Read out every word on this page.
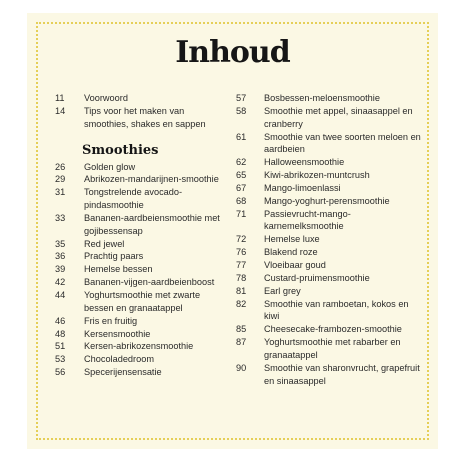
Inhoud
11	Voorwoord
14	Tips voor het maken van smoothies, shakes en sappen
Smoothies
26	Golden glow
29	Abrikozen-mandarijnen-smoothie
31	Tongstrelende avocado-pindasmoothie
33	Bananen-aardbeiensmoothie met gojibessensap
35	Red jewel
36	Prachtig paars
39	Hemelse bessen
42	Bananen-vijgen-aardbeienboost
44	Yoghurtsmoothie met zwarte bessen en granaatappel
46	Fris en fruitig
48	Kersensmoothie
51	Kersen-abrikozensmoothie
53	Chocoladedroom
56	Specerijensensatie
57	Bosbessen-meloensmoothie
58	Smoothie met appel, sinaasappel en cranberry
61	Smoothie van twee soorten meloen en aardbeien
62	Halloweensmoothie
65	Kiwi-abrikozen-muntcrush
67	Mango-limoenlassi
68	Mango-yoghurt-perensmoothie
71	Passievrucht-mango-karnemelksmoothie
72	Hemelse luxe
76	Blakend roze
77	Vloeibaar goud
78	Custard-pruimensmoothie
81	Earl grey
82	Smoothie van ramboetan, kokos en kiwi
85	Cheesecake-frambozen-smoothie
87	Yoghurtsmoothie met rabarber en granaatappel
90	Smoothie van sharonvrucht, grapefruit en sinaasappel
